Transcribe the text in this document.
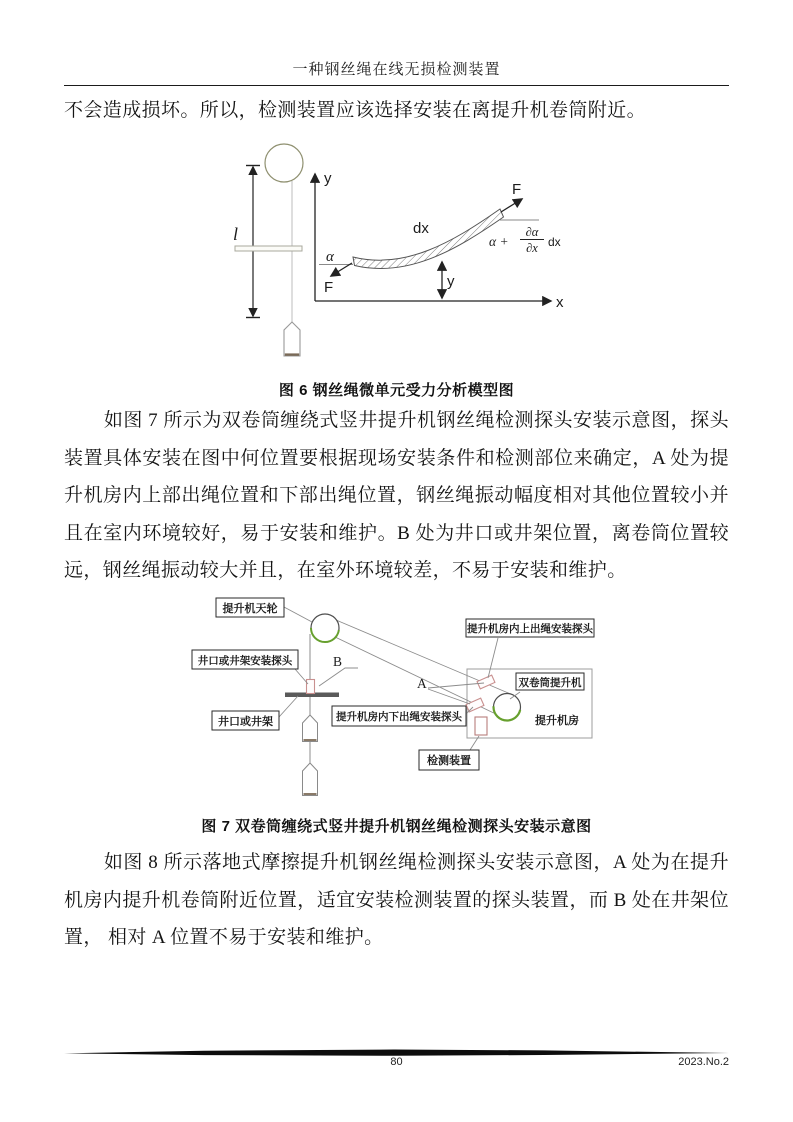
一种钢丝绳在线无损检测装置
不会造成损坏。所以，检测装置应该选择安装在离提升机卷筒附近。
l
y
x
dx
α
F
F
α +
∂α
∂x dx
y
图 6 钢丝绳微单元受力分析模型图
如图 7 所示为双卷筒缠绕式竖井提升机钢丝绳检测探头安装示意图，探头装置具体安装在图中何位置要根据现场安装条件和检测部位来确定，A 处为提升机房内上部出绳位置和下部出绳位置，钢丝绳振动幅度相对其他位置较小并且在室内环境较好，易于安装和维护。B 处为井口或井架位置，离卷筒位置较远，钢丝绳振动较大并且，在室外环境较差，不易于安装和维护。
提升机天轮
井口或井架安装探头
井口或井架
提升机房内上出绳安装探头
双卷筒提升机
提升机房内下出绳安装探头
检测装置
提升机房
B
A
图 7 双卷筒缠绕式竖井提升机钢丝绳检测探头安装示意图
如图 8 所示落地式摩擦提升机钢丝绳检测探头安装示意图，A 处为在提升机房内提升机卷筒附近位置，适宜安装检测装置的探头装置，而 B 处在井架位置， 相对 A 位置不易于安装和维护。
80	2023.No.2
